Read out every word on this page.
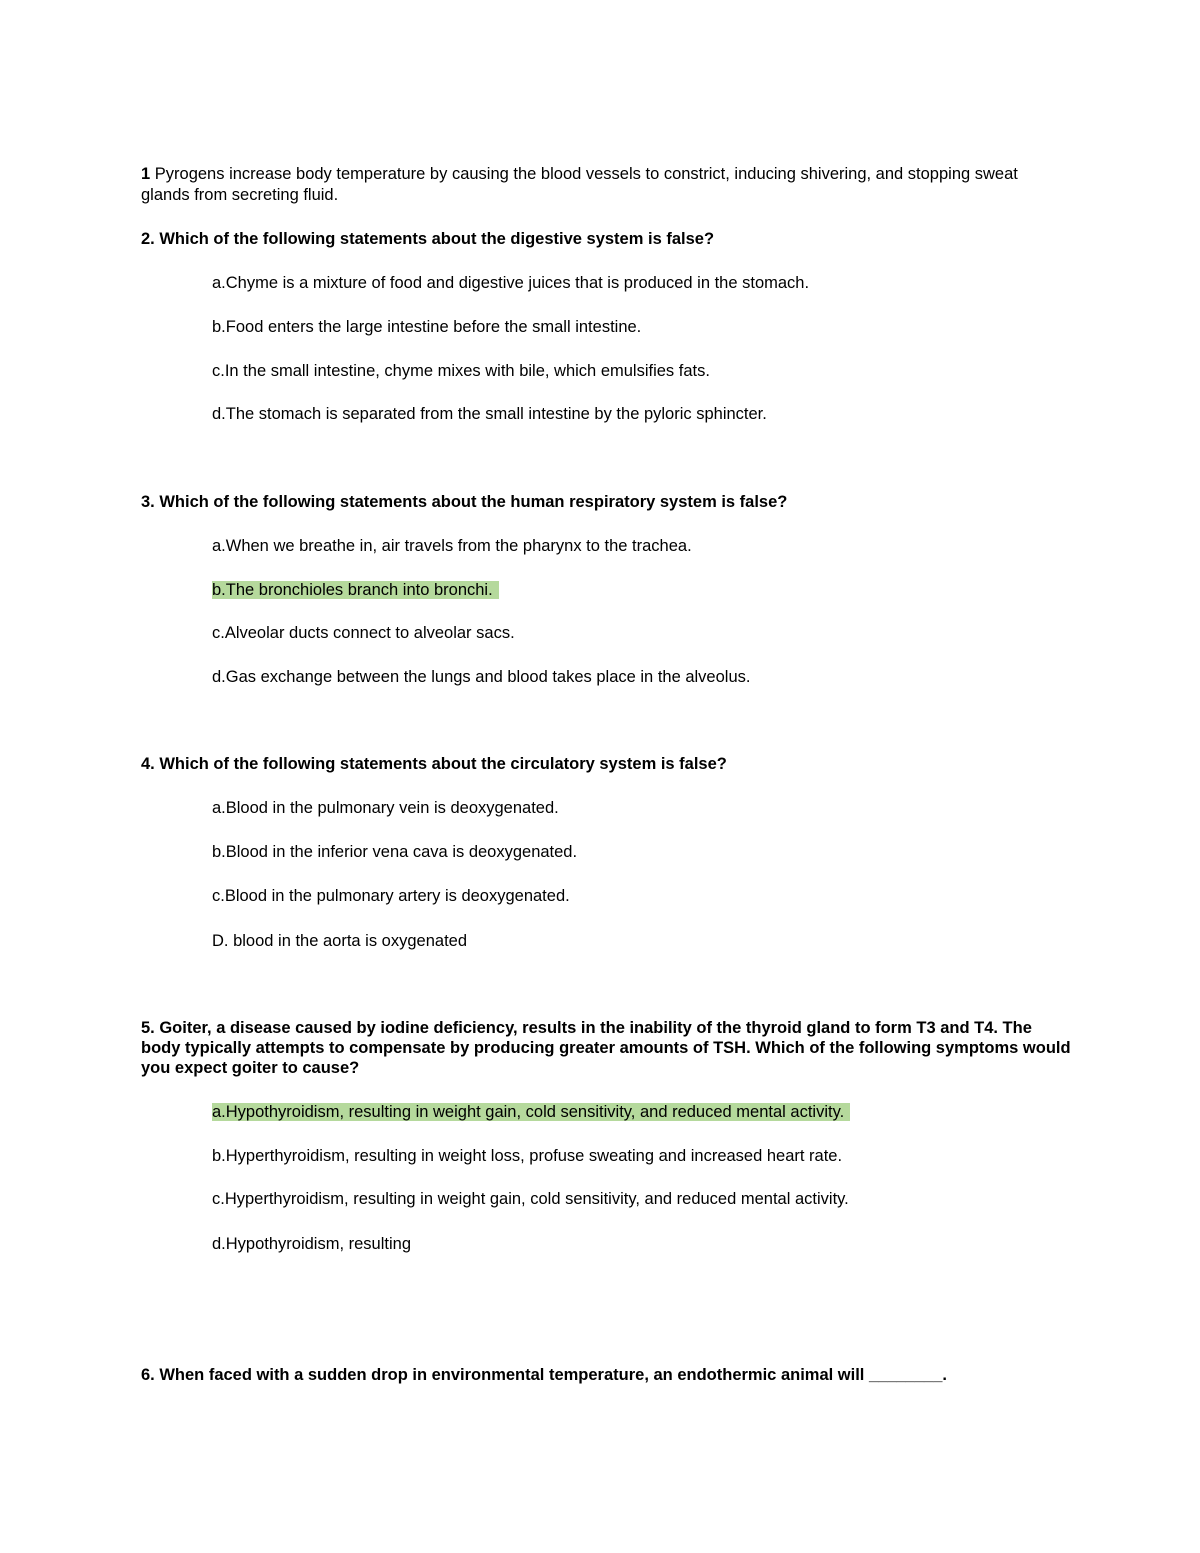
1 Pyrogens increase body temperature by causing the blood vessels to constrict, inducing shivering, and stopping sweat glands from secreting fluid.
2. Which of the following statements about the digestive system is false?
a.Chyme is a mixture of food and digestive juices that is produced in the stomach.
b.Food enters the large intestine before the small intestine.
c.In the small intestine, chyme mixes with bile, which emulsifies fats.
d.The stomach is separated from the small intestine by the pyloric sphincter.
3. Which of the following statements about the human respiratory system is false?
a.When we breathe in, air travels from the pharynx to the trachea.
b.The bronchioles branch into bronchi.
c.Alveolar ducts connect to alveolar sacs.
d.Gas exchange between the lungs and blood takes place in the alveolus.
4. Which of the following statements about the circulatory system is false?
a.Blood in the pulmonary vein is deoxygenated.
b.Blood in the inferior vena cava is deoxygenated.
c.Blood in the pulmonary artery is deoxygenated.
D. blood in the aorta is oxygenated
5. Goiter, a disease caused by iodine deficiency, results in the inability of the thyroid gland to form T3 and T4. The body typically attempts to compensate by producing greater amounts of TSH. Which of the following symptoms would you expect goiter to cause?
a.Hypothyroidism, resulting in weight gain, cold sensitivity, and reduced mental activity.
b.Hyperthyroidism, resulting in weight loss, profuse sweating and increased heart rate.
c.Hyperthyroidism, resulting in weight gain, cold sensitivity, and reduced mental activity.
d.Hypothyroidism, resulting
6. When faced with a sudden drop in environmental temperature, an endothermic animal will ________.
